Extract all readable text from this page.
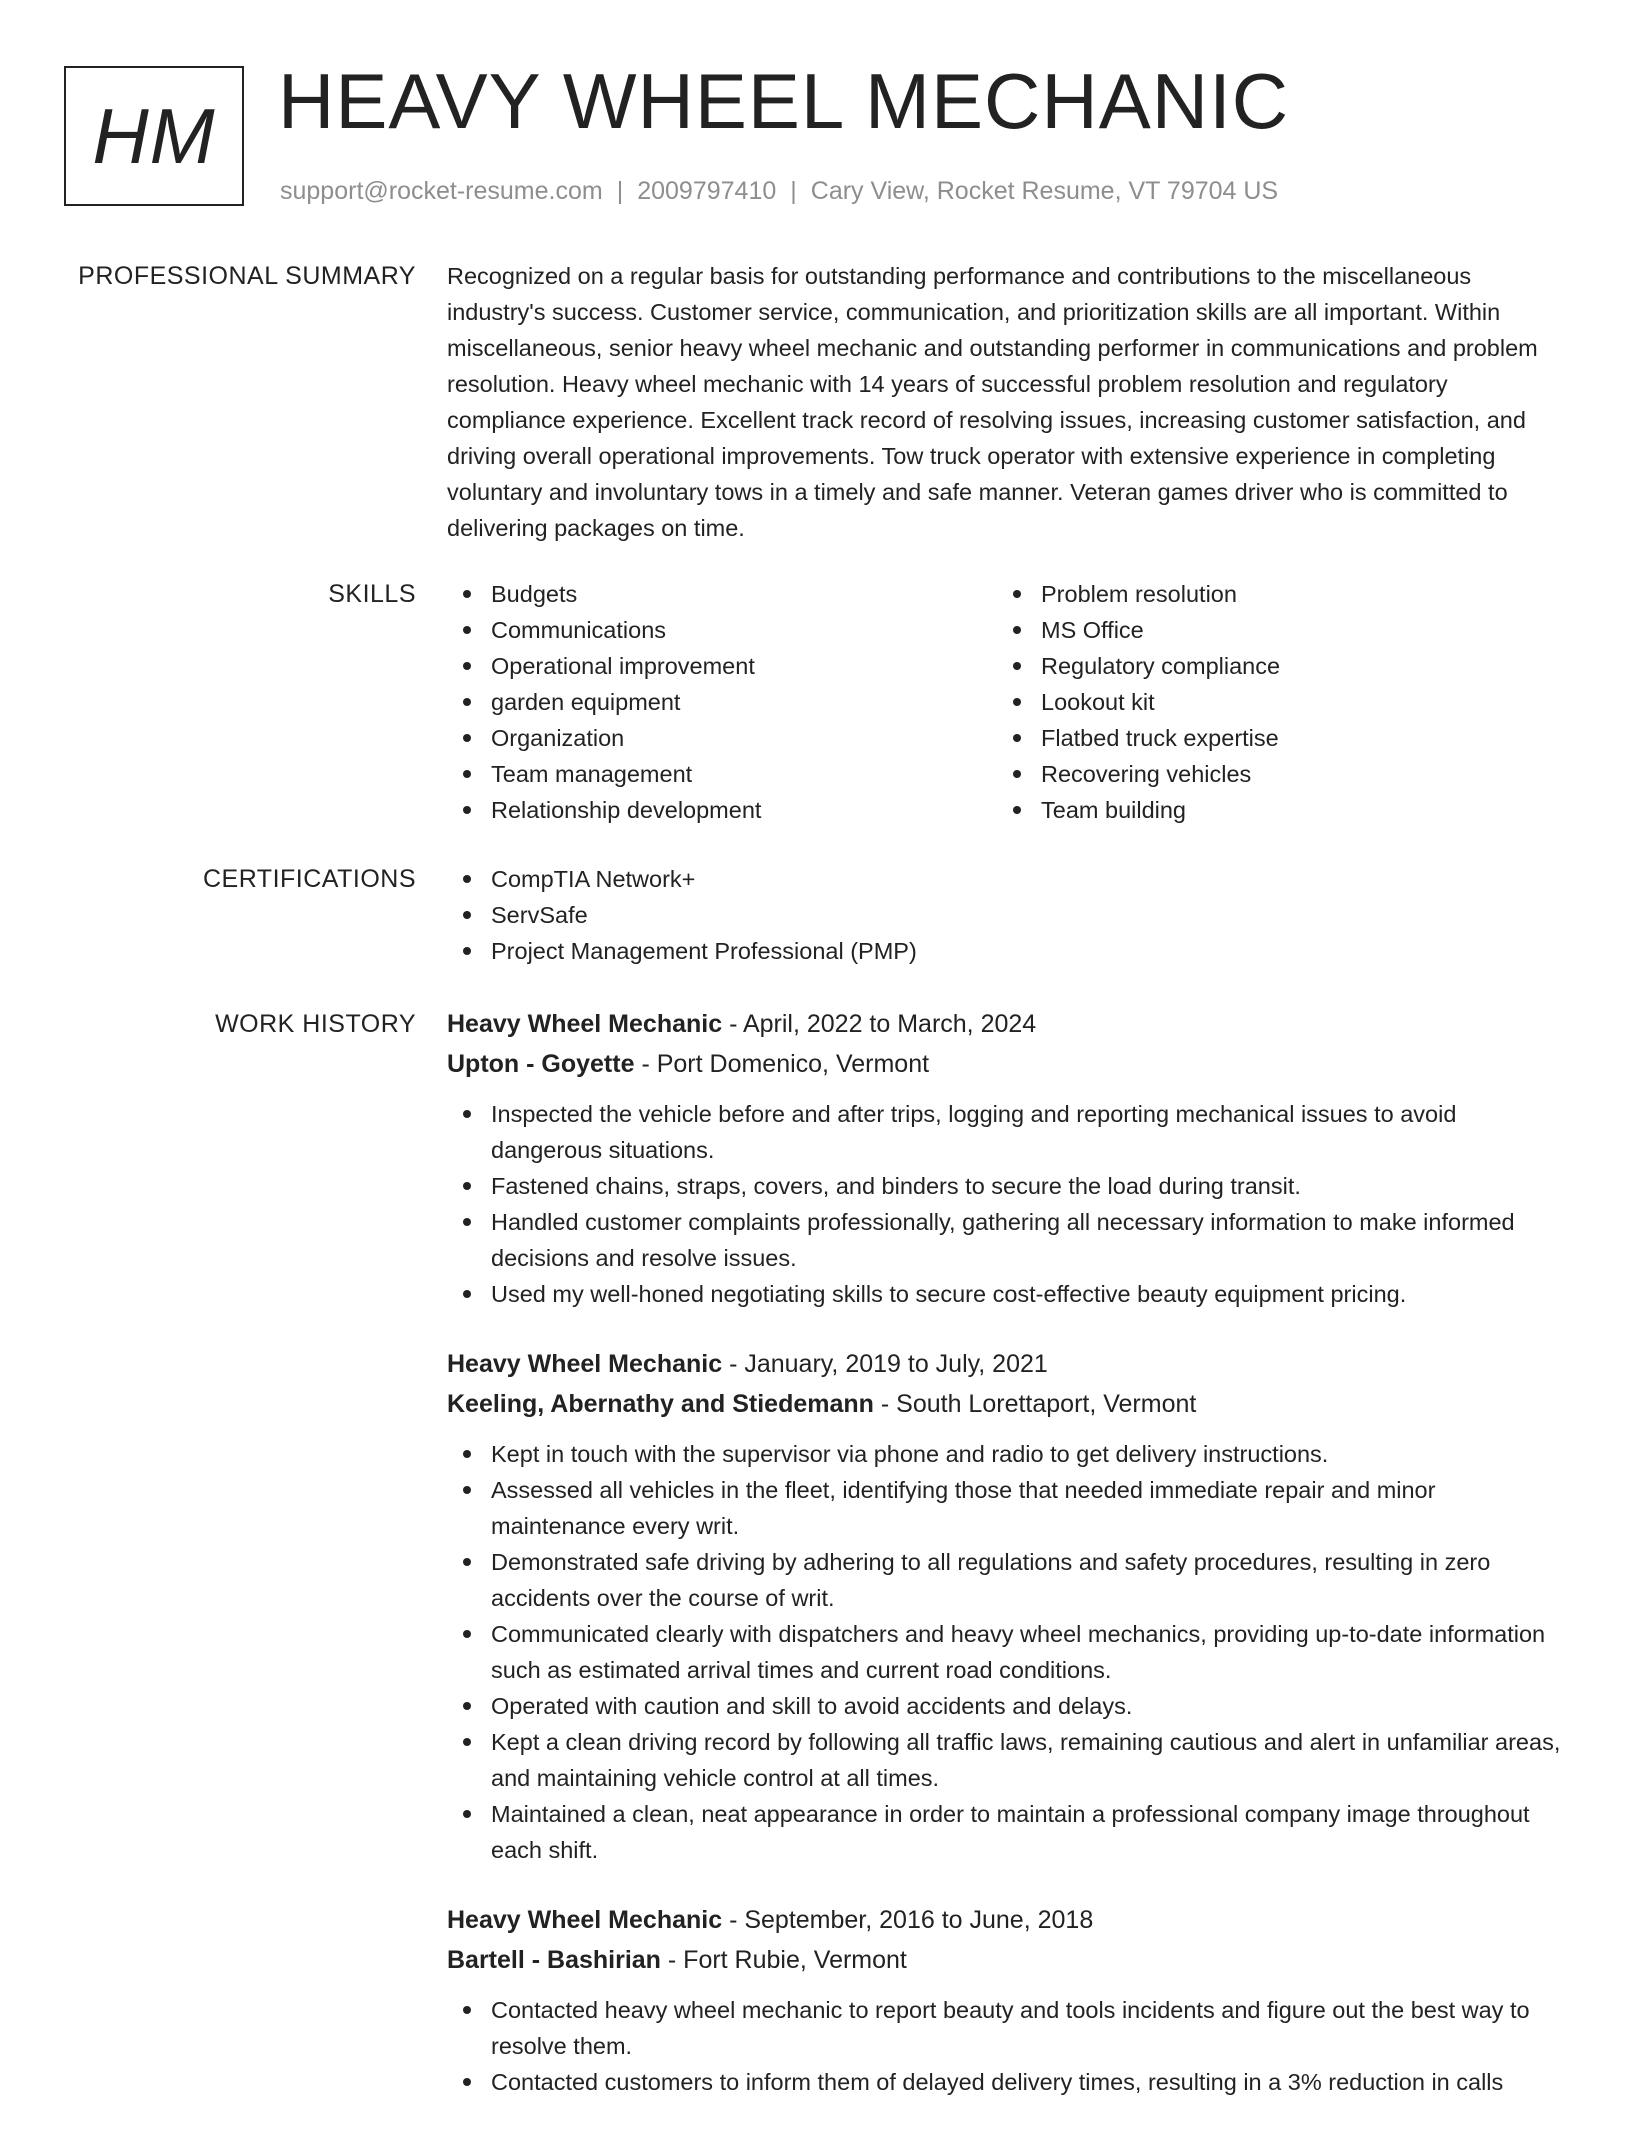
HM HEAVY WHEEL MECHANIC
support@rocket-resume.com | 2009797410 | Cary View, Rocket Resume, VT 79704 US
PROFESSIONAL SUMMARY Recognized on a regular basis for outstanding performance and contributions to the miscellaneous industry's success. Customer service, communication, and prioritization skills are all important. Within miscellaneous, senior heavy wheel mechanic and outstanding performer in communications and problem resolution. Heavy wheel mechanic with 14 years of successful problem resolution and regulatory compliance experience. Excellent track record of resolving issues, increasing customer satisfaction, and driving overall operational improvements. Tow truck operator with extensive experience in completing voluntary and involuntary tows in a timely and safe manner. Veteran games driver who is committed to delivering packages on time.
SKILLS	Budgets
Communications
Operational improvement
garden equipment
Organization
Team management
Relationship development
Problem resolution
MS Office
Regulatory compliance
Lookout kit
Flatbed truck expertise
Recovering vehicles
Team building
CERTIFICATIONS	CompTIA Network+
ServSafe
Project Management Professional (PMP)
WORK HISTORY Heavy Wheel Mechanic - April, 2022 to March, 2024
Upton - Goyette - Port Domenico, Vermont
Inspected the vehicle before and after trips, logging and reporting mechanical issues to avoid dangerous situations.
Fastened chains, straps, covers, and binders to secure the load during transit.
Handled customer complaints professionally, gathering all necessary information to make informed decisions and resolve issues.
Used my well-honed negotiating skills to secure cost-effective beauty equipment pricing.
Heavy Wheel Mechanic - January, 2019 to July, 2021
Keeling, Abernathy and Stiedemann - South Lorettaport, Vermont
Kept in touch with the supervisor via phone and radio to get delivery instructions.
Assessed all vehicles in the fleet, identifying those that needed immediate repair and minor maintenance every writ.
Demonstrated safe driving by adhering to all regulations and safety procedures, resulting in zero accidents over the course of writ.
Communicated clearly with dispatchers and heavy wheel mechanics, providing up-to-date information such as estimated arrival times and current road conditions.
Operated with caution and skill to avoid accidents and delays.
Kept a clean driving record by following all traffic laws, remaining cautious and alert in unfamiliar areas, and maintaining vehicle control at all times.
Maintained a clean, neat appearance in order to maintain a professional company image throughout each shift.
Heavy Wheel Mechanic - September, 2016 to June, 2018
Bartell - Bashirian - Fort Rubie, Vermont
Contacted heavy wheel mechanic to report beauty and tools incidents and figure out the best way to resolve them.
Contacted customers to inform them of delayed delivery times, resulting in a 3% reduction in calls
